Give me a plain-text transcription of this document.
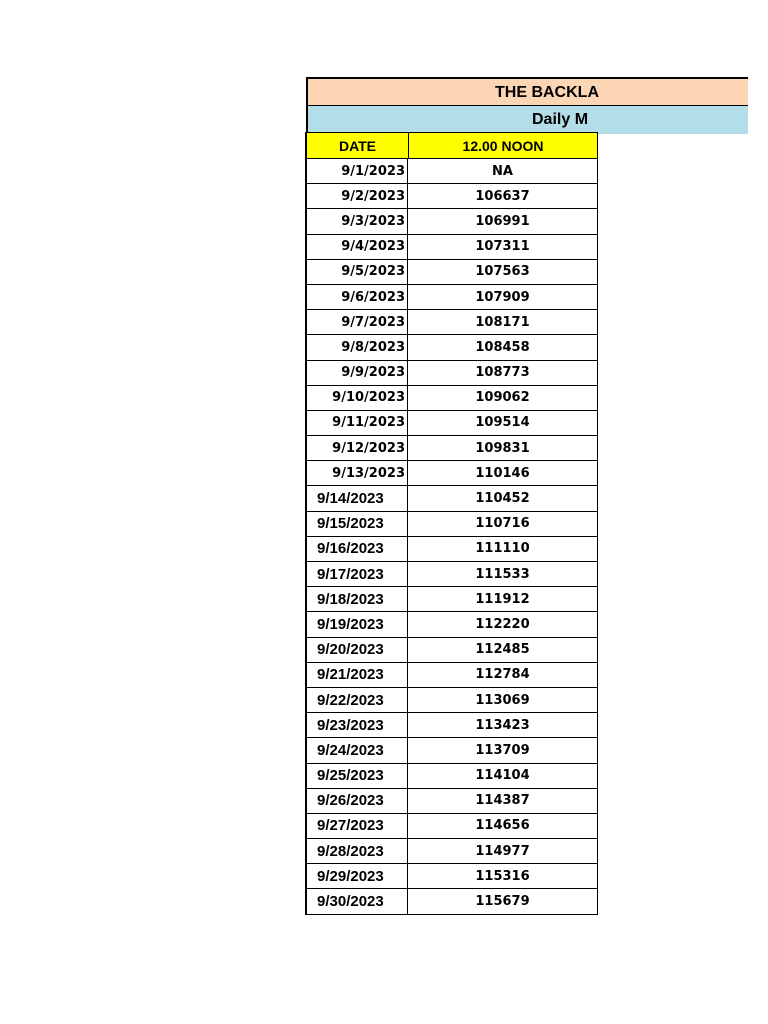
THE BACKLA
Daily M
DATE	12.00 NOON
9/1/2023	NA
9/2/2023	106637
9/3/2023	106991
9/4/2023	107311
9/5/2023	107563
9/6/2023	107909
9/7/2023	108171
9/8/2023	108458
9/9/2023	108773
9/10/2023	109062
9/11/2023	109514
9/12/2023	109831
9/13/2023	110146
9/14/2023	110452
9/15/2023	110716
9/16/2023	111110
9/17/2023	111533
9/18/2023	111912
9/19/2023	112220
9/20/2023	112485
9/21/2023	112784
9/22/2023	113069
9/23/2023	113423
9/24/2023	113709
9/25/2023	114104
9/26/2023	114387
9/27/2023	114656
9/28/2023	114977
9/29/2023	115316
9/30/2023	115679
